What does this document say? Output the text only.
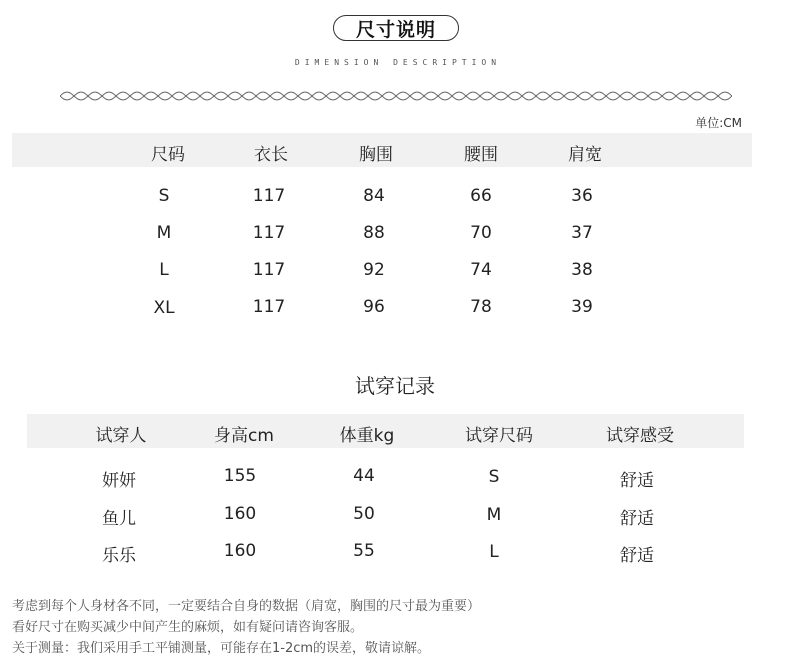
尺寸说明
DIMENSION DESCRIPTION
单位:CM
尺码	衣长	胸围	腰围	肩宽
S	117	84	66	36
M	117	88	70	37
L	117	92	74	38
XL	117	96	78	39
试穿记录
试穿人	身高cm	体重kg	试穿尺码	试穿感受
妍妍	155	44	S	舒适
鱼儿	160	50	M	舒适
乐乐	160	55	L	舒适
考虑到每个人身材各不同，一定要结合自身的数据（肩宽，胸围的尺寸最为重要）
看好尺寸在购买减少中间产生的麻烦，如有疑问请咨询客服。
关于测量：我们采用手工平铺测量，可能存在1-2cm的误差，敬请谅解。
